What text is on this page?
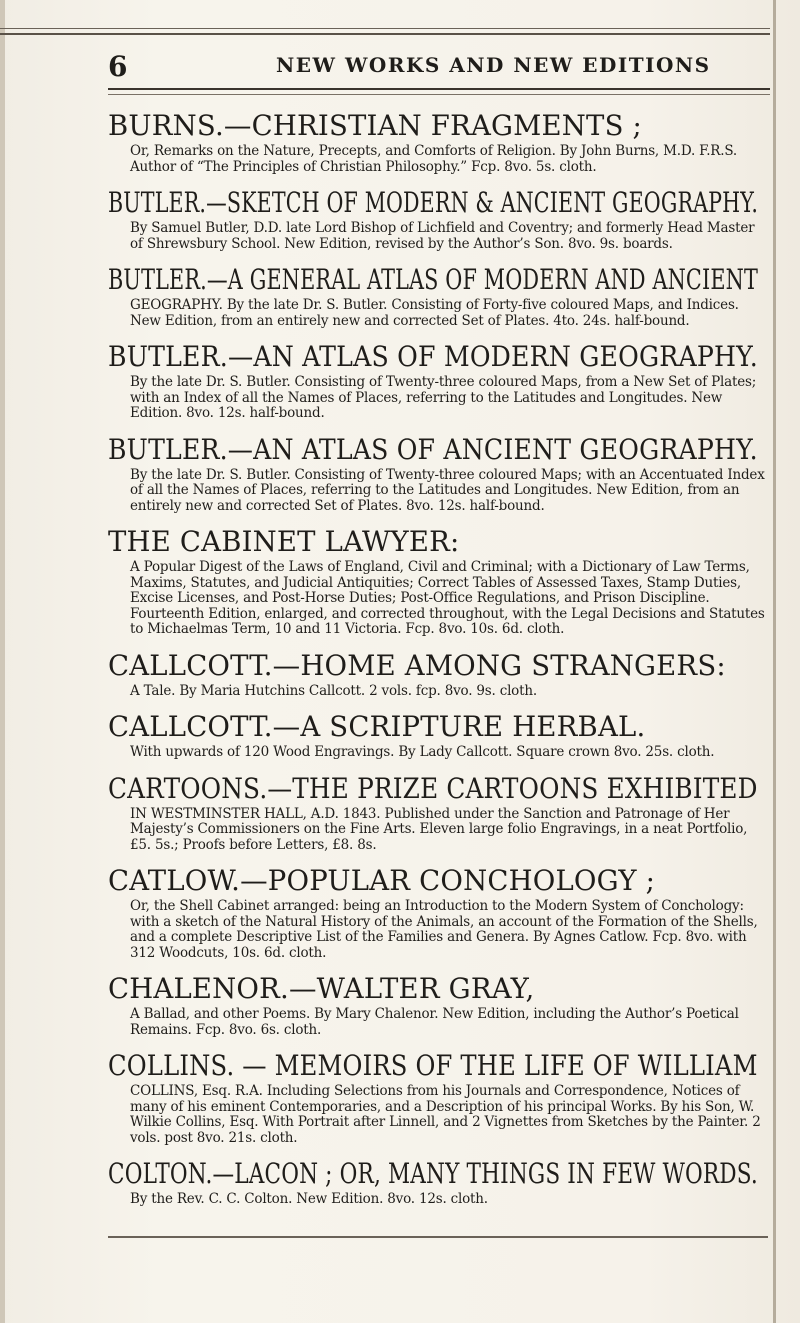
6	NEW WORKS AND NEW EDITIONS
BURNS.—CHRISTIAN FRAGMENTS ;

Or, Remarks on the Nature, Precepts, and Comforts of Religion. By John Burns, M.D. F.R.S. Author of “The Principles of Christian Philosophy.” Fcp. 8vo. 5s. cloth.

BUTLER.—SKETCH OF MODERN & ANCIENT GEOGRAPHY.

By Samuel Butler, D.D. late Lord Bishop of Lichfield and Coventry; and formerly Head Master of Shrewsbury School. New Edition, revised by the Author’s Son. 8vo. 9s. boards.

BUTLER.—A GENERAL ATLAS OF MODERN AND ANCIENT

GEOGRAPHY. By the late Dr. S. Butler. Consisting of Forty-five coloured Maps, and Indices. New Edition, from an entirely new and corrected Set of Plates. 4to. 24s. half-bound.

BUTLER.—AN ATLAS OF MODERN GEOGRAPHY.

By the late Dr. S. Butler. Consisting of Twenty-three coloured Maps, from a New Set of Plates; with an Index of all the Names of Places, referring to the Latitudes and Longitudes. New Edition. 8vo. 12s. half-bound.

BUTLER.—AN ATLAS OF ANCIENT GEOGRAPHY.

By the late Dr. S. Butler. Consisting of Twenty-three coloured Maps; with an Accentuated Index of all the Names of Places, referring to the Latitudes and Longitudes. New Edition, from an entirely new and corrected Set of Plates. 8vo. 12s. half-bound.

THE CABINET LAWYER:

A Popular Digest of the Laws of England, Civil and Criminal; with a Dictionary of Law Terms, Maxims, Statutes, and Judicial Antiquities; Correct Tables of Assessed Taxes, Stamp Duties, Excise Licenses, and Post-Horse Duties; Post-Office Regulations, and Prison Discipline. Fourteenth Edition, enlarged, and corrected throughout, with the Legal Decisions and Statutes to Michaelmas Term, 10 and 11 Victoria. Fcp. 8vo. 10s. 6d. cloth.

CALLCOTT.—HOME AMONG STRANGERS:

A Tale. By Maria Hutchins Callcott. 2 vols. fcp. 8vo. 9s. cloth.

CALLCOTT.—A SCRIPTURE HERBAL.

With upwards of 120 Wood Engravings. By Lady Callcott. Square crown 8vo. 25s. cloth.

CARTOONS.—THE PRIZE CARTOONS EXHIBITED

IN WESTMINSTER HALL, A.D. 1843. Published under the Sanction and Patronage of Her Majesty’s Commissioners on the Fine Arts. Eleven large folio Engravings, in a neat Portfolio, £5. 5s.; Proofs before Letters, £8. 8s.

CATLOW.—POPULAR CONCHOLOGY ;

Or, the Shell Cabinet arranged: being an Introduction to the Modern System of Conchology: with a sketch of the Natural History of the Animals, an account of the Formation of the Shells, and a complete Descriptive List of the Families and Genera. By Agnes Catlow. Fcp. 8vo. with 312 Woodcuts, 10s. 6d. cloth.

CHALENOR.—WALTER GRAY,

A Ballad, and other Poems. By Mary Chalenor. New Edition, including the Author’s Poetical Remains. Fcp. 8vo. 6s. cloth.

COLLINS. — MEMOIRS OF THE LIFE OF WILLIAM

COLLINS, Esq. R.A. Including Selections from his Journals and Correspondence, Notices of many of his eminent Contemporaries, and a Description of his principal Works. By his Son, W. Wilkie Collins, Esq. With Portrait after Linnell, and 2 Vignettes from Sketches by the Painter. 2 vols. post 8vo. 21s. cloth.

COLTON.—LACON ; OR, MANY THINGS IN FEW WORDS.

By the Rev. C. C. Colton. New Edition. 8vo. 12s. cloth.
